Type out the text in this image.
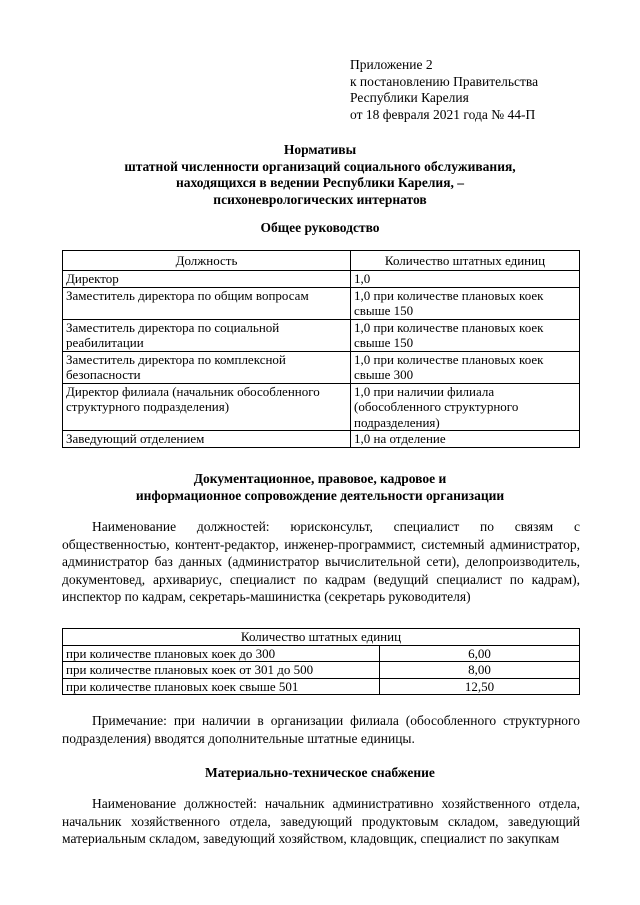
Приложение 2
к постановлению Правительства
Республики Карелия
от 18 февраля 2021 года № 44-П
Нормативы
штатной численности организаций социального обслуживания,
находящихся в ведении Республики Карелия, –
психоневрологических интернатов
Общее руководство
Должность	Количество штатных единиц
Директор	1,0
Заместитель директора по общим вопросам	1,0 при количестве плановых коек свыше 150
Заместитель директора по социальной реабилитации	1,0 при количестве плановых коек свыше 150
Заместитель директора по комплексной безопасности	1,0 при количестве плановых коек свыше 300
Директор филиала (начальник обособленного структурного подразделения)	1,0 при наличии филиала (обособленного структурного подразделения)
Заведующий отделением	1,0 на отделение
Документационное, правовое, кадровое и
информационное сопровождение деятельности организации
Наименование должностей: юрисконсульт, специалист по связям с общественностью, контент-редактор, инженер-программист, системный администратор, администратор баз данных (администратор вычислительной сети), делопроизводитель, документовед, архивариус, специалист по кадрам (ведущий специалист по кадрам), инспектор по кадрам, секретарь-машинистка (секретарь руководителя)
Количество штатных единиц	
при количестве плановых коек до 300	6,00
при количестве плановых коек от 301 до 500	8,00
при количестве плановых коек свыше 501	12,50
Примечание: при наличии в организации филиала (обособленного структурного подразделения) вводятся дополнительные штатные единицы.
Материально-техническое снабжение
Наименование должностей: начальник административно хозяйственного отдела, начальник хозяйственного отдела, заведующий продуктовым складом, заведующий материальным складом, заведующий хозяйством, кладовщик, специалист по закупкам
